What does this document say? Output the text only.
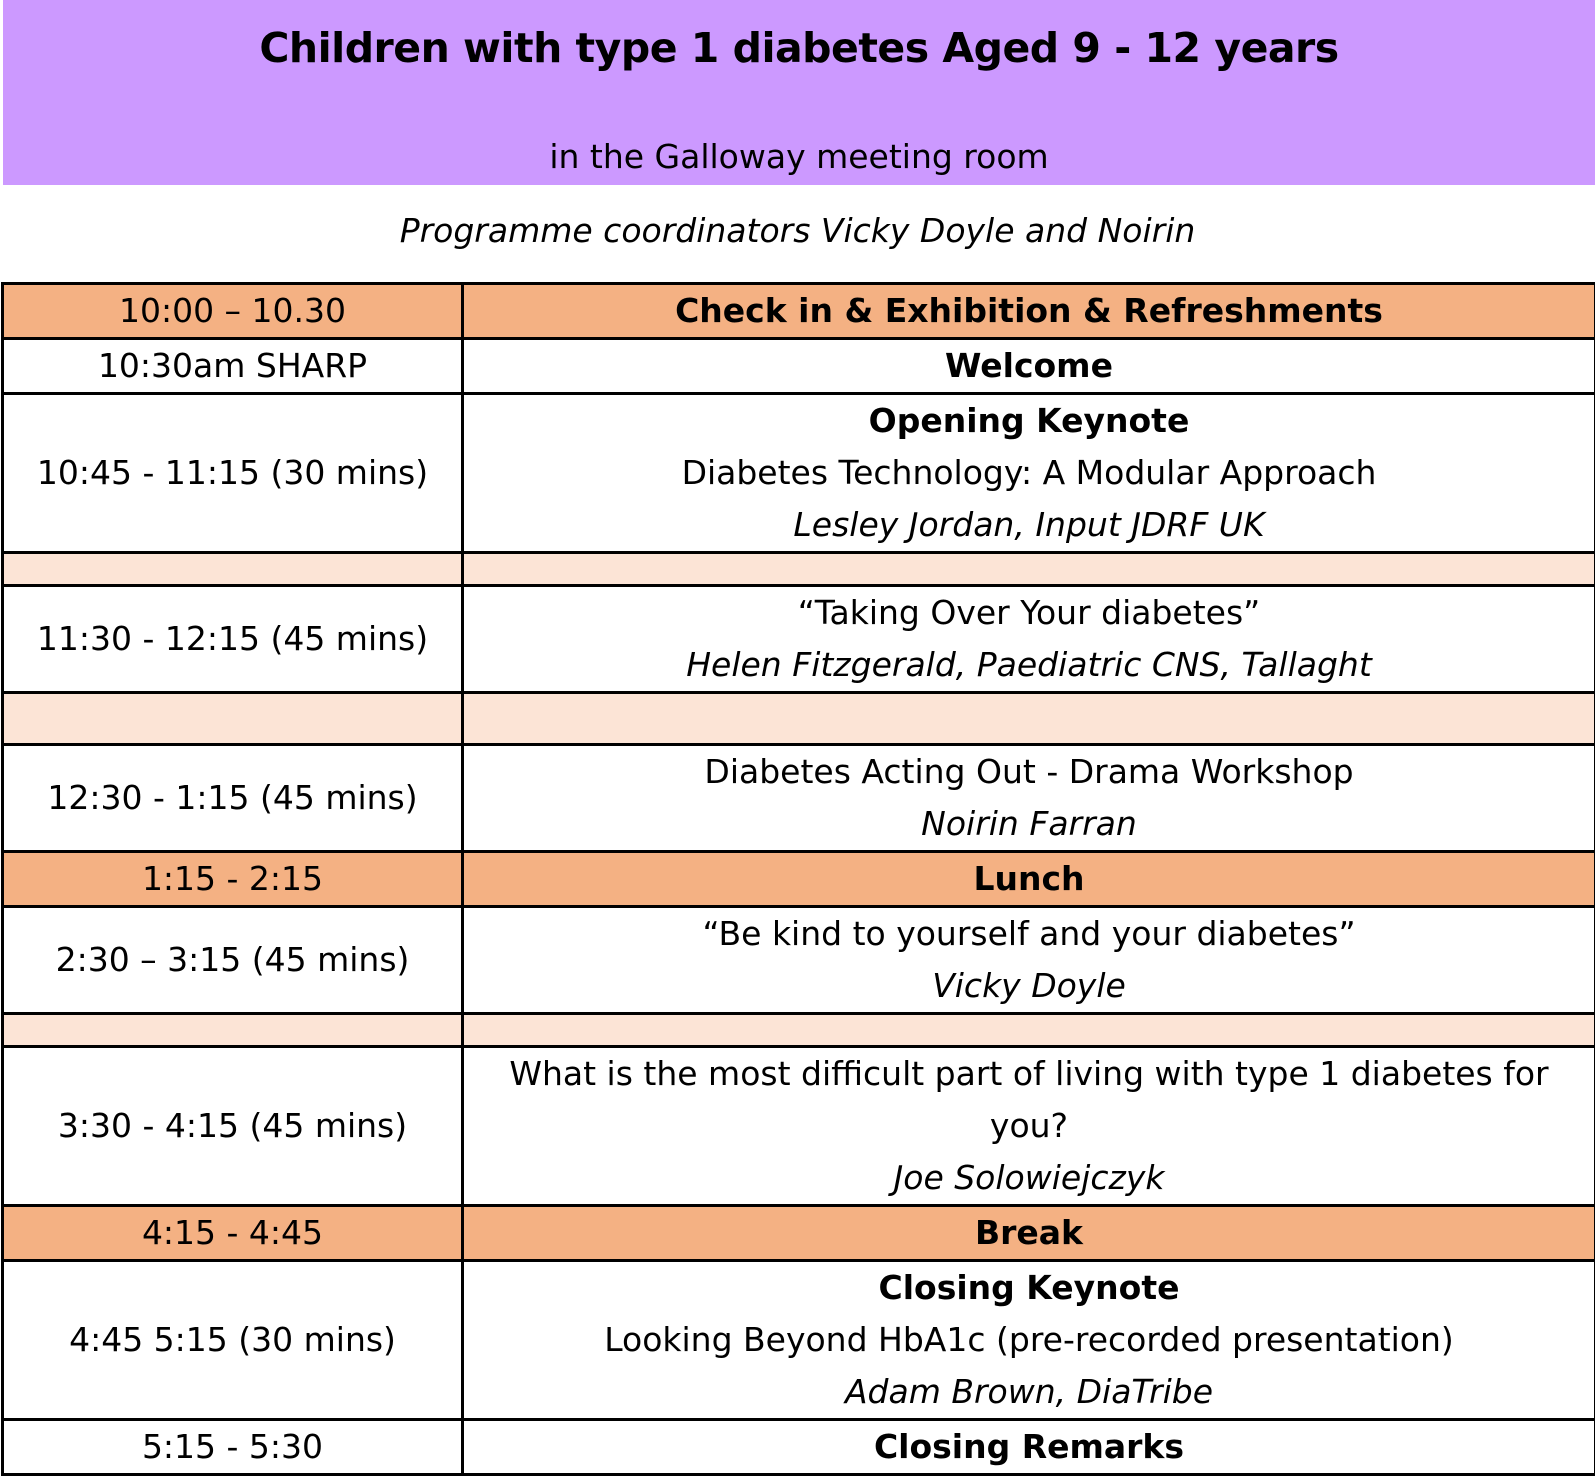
Children with type 1 diabetes Aged 9 - 12 years
in the Galloway meeting room
Programme coordinators Vicky Doyle and Noirin
10:00 – 10.30	Check in & Exhibition & Refreshments
10:30am SHARP	Welcome
10:45 - 11:15 (30 mins)	Opening Keynote
Diabetes Technology: A Modular Approach
Lesley Jordan, Input JDRF UK

11:30 - 12:15 (45 mins)	“Taking Over Your diabetes”
Helen Fitzgerald, Paediatric CNS, Tallaght

12:30 - 1:15 (45 mins)	Diabetes Acting Out - Drama Workshop
Noirin Farran

1:15 - 2:15	Lunch
2:30 – 3:15 (45 mins)	“Be kind to yourself and your diabetes”
Vicky Doyle

3:30 - 4:15 (45 mins)	What is the most difficult part of living with type 1 diabetes for you?
Joe Solowiejczyk

4:15 - 4:45	Break
4:45 5:15 (30 mins)	Closing Keynote
Looking Beyond HbA1c (pre-recorded presentation)
Adam Brown, DiaTribe

5:15 - 5:30	Closing Remarks
